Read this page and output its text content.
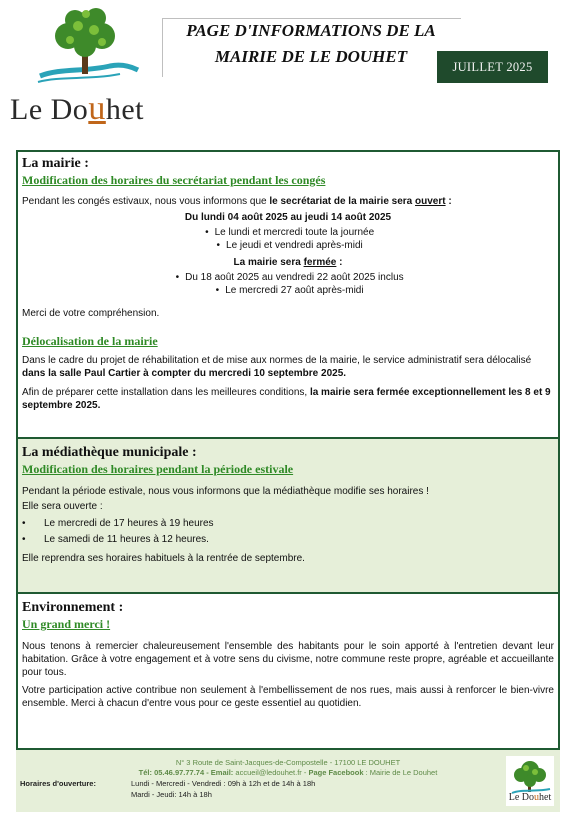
Le Douhet
PAGE D'INFORMATIONS DE LA
MAIRIE DE LE DOUHET
JUILLET 2025
La mairie :
Modification des horaires du secrétariat pendant les congés

Pendant les congés estivaux, nous vous informons que le secrétariat de la mairie sera ouvert :

Du lundi 04 août 2025 au jeudi 14 août 2025

• Le lundi et mercredi toute la journée
• Le jeudi et vendredi après-midi

La mairie sera fermée :

• Du 18 août 2025 au vendredi 22 août 2025 inclus
• Le mercredi 27 août après-midi

Merci de votre compréhension.

Délocalisation de la mairie

Dans le cadre du projet de réhabilitation et de mise aux normes de la mairie, le service administratif sera délocalisé dans la salle Paul Cartier à compter du mercredi 10 septembre 2025.

Afin de préparer cette installation dans les meilleures conditions, la mairie sera fermée exceptionnellement les 8 et 9 septembre 2025.

La médiathèque municipale :
Modification des horaires pendant la période estivale

Pendant la période estivale, nous vous informons que la médiathèque modifie ses horaires !

Elle sera ouverte :

• Le mercredi de 17 heures à 19 heures
• Le samedi de 11 heures à 12 heures.

Elle reprendra ses horaires habituels à la rentrée de septembre.

Environnement :
Un grand merci !

Nous tenons à remercier chaleureusement l'ensemble des habitants pour le soin apporté à l'entretien devant leur habitation. Grâce à votre engagement et à votre sens du civisme, notre commune reste propre, agréable et accueillante pour tous.

Votre participation active contribue non seulement à l'embellissement de nos rues, mais aussi à renforcer le bien-vivre ensemble. Merci à chacun d'entre vous pour ce geste essentiel au quotidien.

N° 3 Route de Saint-Jacques-de-Compostelle - 17100 LE DOUHET
Tél: 05.46.97.77.74 - Email: accueil@ledouhet.fr - Page Facebook : Mairie de Le Douhet
Horaires d'ouverture:	Lundi - Mercredi - Vendredi : 09h à 12h et de 14h à 18h
Mardi - Jeudi: 14h à 18h	Le Douhet
